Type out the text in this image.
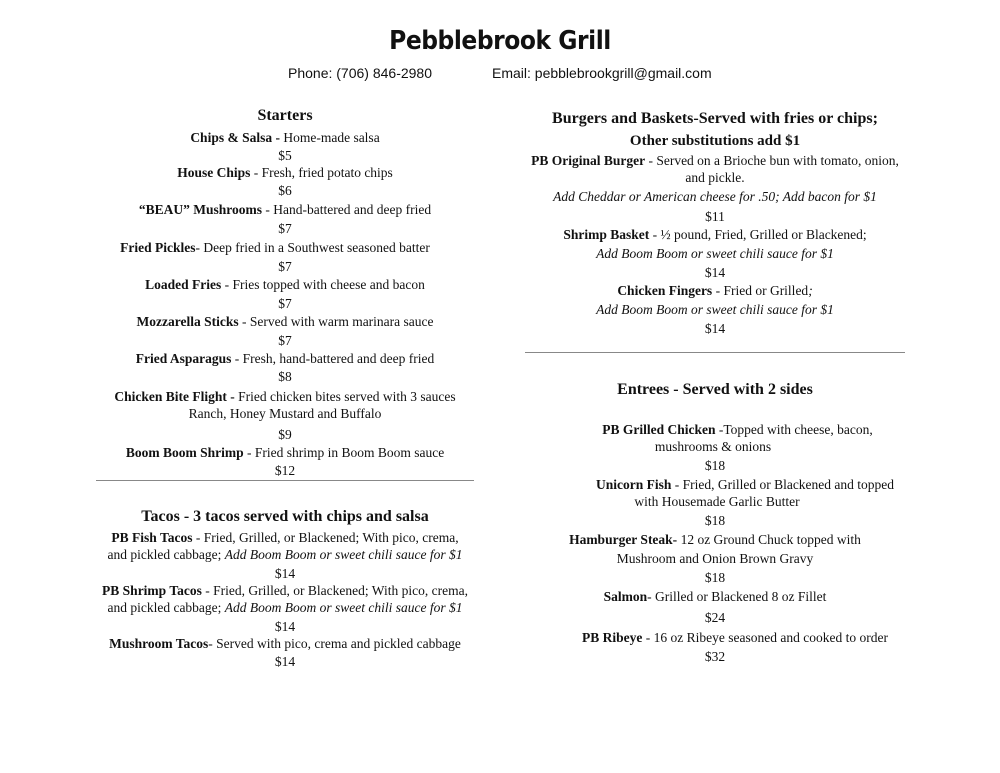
Pebblebrook Grill
Phone: (706) 846-2980	Email: pebblebrookgrill@gmail.com
Starters
Chips & Salsa - Home-made salsa
$5
House Chips - Fresh, fried potato chips
$6
“BEAU” Mushrooms - Hand-battered and deep fried
$7
Fried Pickles- Deep fried in a Southwest seasoned batter
$7
Loaded Fries - Fries topped with cheese and bacon
$7
Mozzarella Sticks - Served with warm marinara sauce
$7
Fried Asparagus - Fresh, hand-battered and deep fried
$8
Chicken Bite Flight - Fried chicken bites served with 3 sauces
Ranch, Honey Mustard and Buffalo
$9
Boom Boom Shrimp - Fried shrimp in Boom Boom sauce
$12
Tacos - 3 tacos served with chips and salsa
PB Fish Tacos - Fried, Grilled, or Blackened; With pico, crema,
and pickled cabbage; Add Boom Boom or sweet chili sauce for $1
$14
PB Shrimp Tacos - Fried, Grilled, or Blackened; With pico, crema,
and pickled cabbage; Add Boom Boom or sweet chili sauce for $1
$14
Mushroom Tacos- Served with pico, crema and pickled cabbage
$14
Burgers and Baskets-Served with fries or chips;
Other substitutions add $1
PB Original Burger - Served on a Brioche bun with tomato, onion,
and pickle.
Add Cheddar or American cheese for .50; Add bacon for $1
$11
Shrimp Basket - ½ pound, Fried, Grilled or Blackened;
Add Boom Boom or sweet chili sauce for $1
$14
Chicken Fingers - Fried or Grilled;
Add Boom Boom or sweet chili sauce for $1
$14
Entrees - Served with 2 sides
PB Grilled Chicken -Topped with cheese, bacon,
mushrooms & onions
$18
Unicorn Fish - Fried, Grilled or Blackened and topped
with Housemade Garlic Butter
$18
Hamburger Steak- 12 oz Ground Chuck topped with
Mushroom and Onion Brown Gravy
$18
Salmon- Grilled or Blackened 8 oz Fillet
$24
PB Ribeye - 16 oz Ribeye seasoned and cooked to order
$32
